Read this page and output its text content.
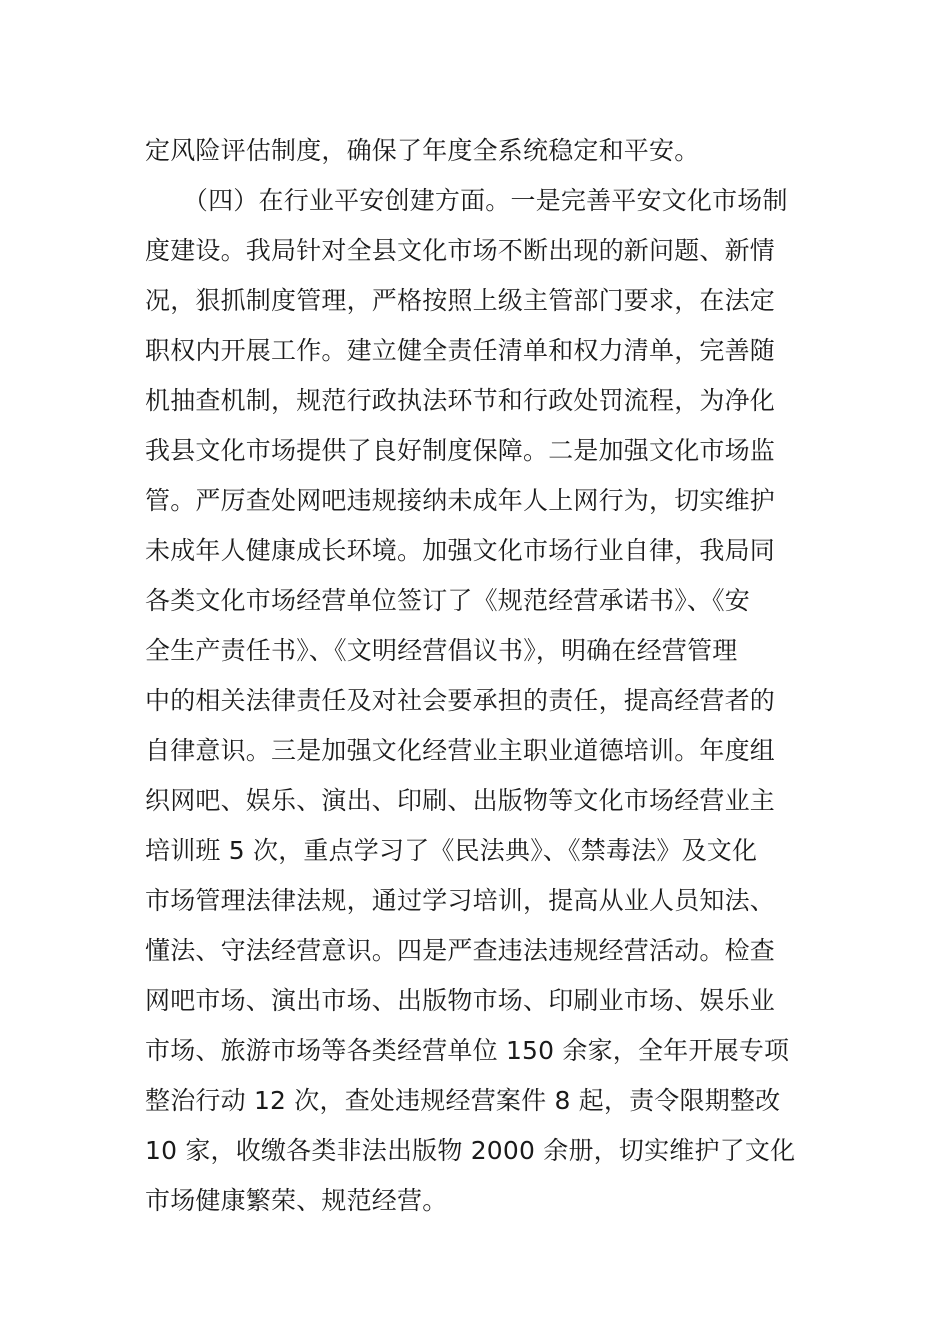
定风险评估制度，确保了年度全系统稳定和平安。
　　（四）在行业平安创建方面。一是完善平安文化市场制
度建设。我局针对全县文化市场不断出现的新问题、新情
况，狠抓制度管理，严格按照上级主管部门要求，在法定
职权内开展工作。建立健全责任清单和权力清单，完善随
机抽查机制，规范行政执法环节和行政处罚流程，为净化
我县文化市场提供了良好制度保障。二是加强文化市场监
管。严厉查处网吧违规接纳未成年人上网行为，切实维护
未成年人健康成长环境。加强文化市场行业自律，我局同
各类文化市场经营单位签订了《规范经营承诺书》、《安
全生产责任书》、《文明经营倡议书》，明确在经营管理
中的相关法律责任及对社会要承担的责任，提高经营者的
自律意识。三是加强文化经营业主职业道德培训。年度组
织网吧、娱乐、演出、印刷、出版物等文化市场经营业主
培训班 5 次，重点学习了《民法典》、《禁毒法》及文化
市场管理法律法规，通过学习培训，提高从业人员知法、
懂法、守法经营意识。四是严查违法违规经营活动。检查
网吧市场、演出市场、出版物市场、印刷业市场、娱乐业
市场、旅游市场等各类经营单位 150 余家，全年开展专项
整治行动 12 次，查处违规经营案件 8 起，责令限期整改
10 家，收缴各类非法出版物 2000 余册，切实维护了文化
市场健康繁荣、规范经营。
